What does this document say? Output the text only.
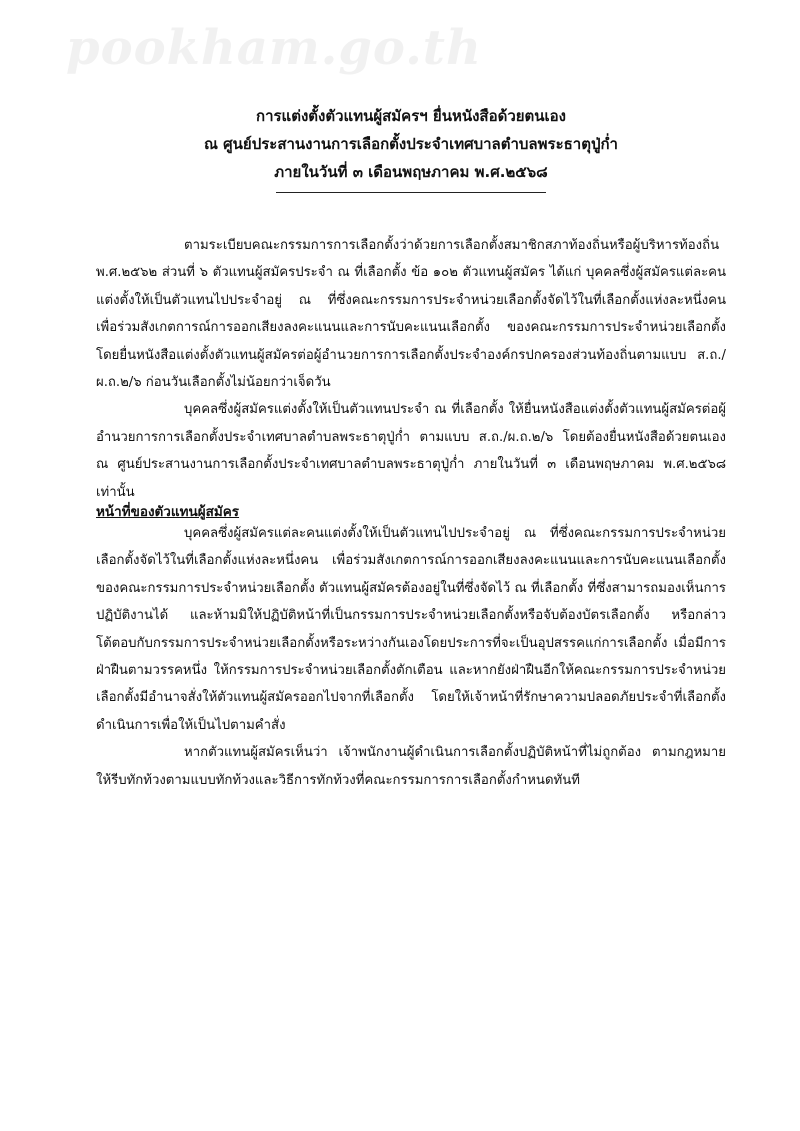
pookham.go.th

การแต่งตั้งตัวแทนผู้สมัครฯ ยื่นหนังสือด้วยตนเอง

ณ ศูนย์ประสานงานการเลือกตั้งประจำเทศบาลตำบลพระธาตุปู่ก่ำ

ภายในวันที่ ๓ เดือนพฤษภาคม พ.ศ.๒๕๖๘

ตามระเบียบคณะกรรมการการเลือกตั้งว่าด้วยการเลือกตั้งสมาชิกสภาท้องถิ่นหรือผู้บริหารท้องถิ่น พ.ศ.๒๕๖๒ ส่วนที่ ๖ ตัวแทนผู้สมัครประจำ ณ ที่เลือกตั้ง ข้อ ๑๐๒ ตัวแทนผู้สมัคร ได้แก่ บุคคลซึ่งผู้สมัครแต่ละคนแต่งตั้งให้เป็นตัวแทนไปประจำอยู่ ณ ที่ซึ่งคณะกรรมการประจำหน่วยเลือกตั้งจัดไว้ในที่เลือกตั้งแห่งละหนึ่งคน เพื่อร่วมสังเกตการณ์การออกเสียงลงคะแนนและการนับคะแนนเลือกตั้ง ของคณะกรรมการประจำหน่วยเลือกตั้ง โดยยื่นหนังสือแต่งตั้งตัวแทนผู้สมัครต่อผู้อำนวยการการเลือกตั้งประจำองค์กรปกครองส่วนท้องถิ่นตามแบบ ส.ถ./ผ.ถ.๒/๖ ก่อนวันเลือกตั้งไม่น้อยกว่าเจ็ดวัน

บุคคลซึ่งผู้สมัครแต่งตั้งให้เป็นตัวแทนประจำ ณ ที่เลือกตั้ง ให้ยื่นหนังสือแต่งตั้งตัวแทนผู้สมัครต่อผู้อำนวยการการเลือกตั้งประจำเทศบาลตำบลพระธาตุปู่ก่ำ ตามแบบ ส.ถ./ผ.ถ.๒/๖ โดยต้องยื่นหนังสือด้วยตนเอง ณ ศูนย์ประสานงานการเลือกตั้งประจำเทศบาลตำบลพระธาตุปู่ก่ำ ภายในวันที่ ๓ เดือนพฤษภาคม พ.ศ.๒๕๖๘ เท่านั้น

หน้าที่ของตัวแทนผู้สมัคร

บุคคลซึ่งผู้สมัครแต่ละคนแต่งตั้งให้เป็นตัวแทนไปประจำอยู่ ณ ที่ซึ่งคณะกรรมการประจำหน่วยเลือกตั้งจัดไว้ในที่เลือกตั้งแห่งละหนึ่งคน เพื่อร่วมสังเกตการณ์การออกเสียงลงคะแนนและการนับคะแนนเลือกตั้งของคณะกรรมการประจำหน่วยเลือกตั้ง ตัวแทนผู้สมัครต้องอยู่ในที่ซึ่งจัดไว้ ณ ที่เลือกตั้ง ที่ซึ่งสามารถมองเห็นการปฏิบัติงานได้ และห้ามมิให้ปฏิบัติหน้าที่เป็นกรรมการประจำหน่วยเลือกตั้งหรือจับต้องบัตรเลือกตั้ง หรือกล่าวโต้ตอบกับกรรมการประจำหน่วยเลือกตั้งหรือระหว่างกันเองโดยประการที่จะเป็นอุปสรรคแก่การเลือกตั้ง เมื่อมีการฝ่าฝืนตามวรรคหนึ่ง ให้กรรมการประจำหน่วยเลือกตั้งตักเตือน และหากยังฝ่าฝืนอีกให้คณะกรรมการประจำหน่วยเลือกตั้งมีอำนาจสั่งให้ตัวแทนผู้สมัครออกไปจากที่เลือกตั้ง โดยให้เจ้าหน้าที่รักษาความปลอดภัยประจำที่เลือกตั้งดำเนินการเพื่อให้เป็นไปตามคำสั่ง

หากตัวแทนผู้สมัครเห็นว่า เจ้าพนักงานผู้ดำเนินการเลือกตั้งปฏิบัติหน้าที่ไม่ถูกต้อง ตามกฎหมายให้รีบทักท้วงตามแบบทักท้วงและวิธีการทักท้วงที่คณะกรรมการการเลือกตั้งกำหนดทันที
